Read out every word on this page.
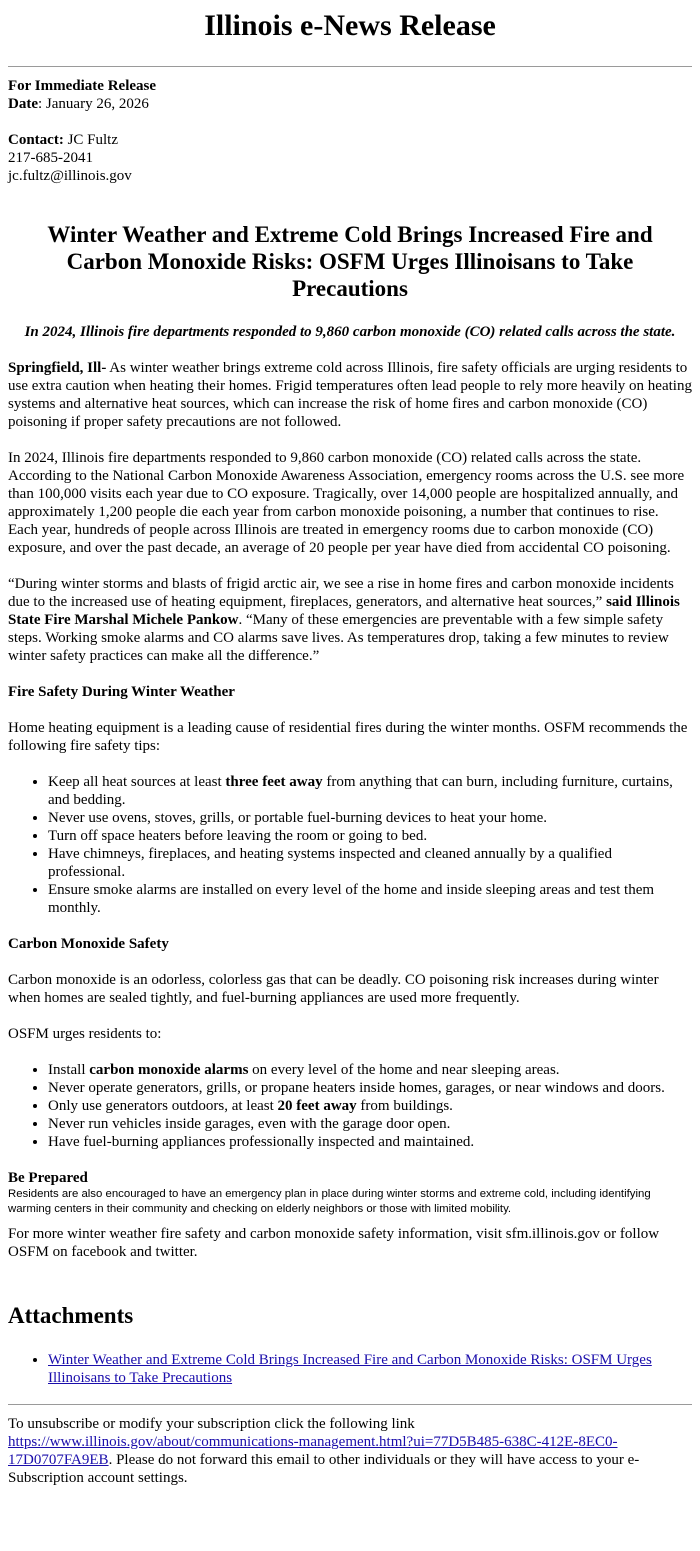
Illinois e-News Release
For Immediate Release
Date: January 26, 2026
Contact: JC Fultz
217-685-2041
jc.fultz@illinois.gov
Winter Weather and Extreme Cold Brings Increased Fire and Carbon Monoxide Risks: OSFM Urges Illinoisans to Take Precautions

In 2024, Illinois fire departments responded to 9,860 carbon monoxide (CO) related calls across the state.

Springfield, Ill- As winter weather brings extreme cold across Illinois, fire safety officials are urging residents to use extra caution when heating their homes. Frigid temperatures often lead people to rely more heavily on heating systems and alternative heat sources, which can increase the risk of home fires and carbon monoxide (CO) poisoning if proper safety precautions are not followed.

In 2024, Illinois fire departments responded to 9,860 carbon monoxide (CO) related calls across the state. According to the National Carbon Monoxide Awareness Association, emergency rooms across the U.S. see more than 100,000 visits each year due to CO exposure. Tragically, over 14,000 people are hospitalized annually, and approximately 1,200 people die each year from carbon monoxide poisoning, a number that continues to rise. Each year, hundreds of people across Illinois are treated in emergency rooms due to carbon monoxide (CO) exposure, and over the past decade, an average of 20 people per year have died from accidental CO poisoning.

“During winter storms and blasts of frigid arctic air, we see a rise in home fires and carbon monoxide incidents due to the increased use of heating equipment, fireplaces, generators, and alternative heat sources,” said Illinois State Fire Marshal Michele Pankow. “Many of these emergencies are preventable with a few simple safety steps. Working smoke alarms and CO alarms save lives. As temperatures drop, taking a few minutes to review winter safety practices can make all the difference.”

Fire Safety During Winter Weather

Home heating equipment is a leading cause of residential fires during the winter months. OSFM recommends the following fire safety tips:

• Keep all heat sources at least three feet away from anything that can burn, including furniture, curtains, and bedding.
• Never use ovens, stoves, grills, or portable fuel-burning devices to heat your home.
• Turn off space heaters before leaving the room or going to bed.
• Have chimneys, fireplaces, and heating systems inspected and cleaned annually by a qualified professional.
• Ensure smoke alarms are installed on every level of the home and inside sleeping areas and test them monthly.

Carbon Monoxide Safety

Carbon monoxide is an odorless, colorless gas that can be deadly. CO poisoning risk increases during winter when homes are sealed tightly, and fuel-burning appliances are used more frequently.

OSFM urges residents to:

• Install carbon monoxide alarms on every level of the home and near sleeping areas.
• Never operate generators, grills, or propane heaters inside homes, garages, or near windows and doors.
• Only use generators outdoors, at least 20 feet away from buildings.
• Never run vehicles inside garages, even with the garage door open.
• Have fuel-burning appliances professionally inspected and maintained.
Be Prepared
Residents are also encouraged to have an emergency plan in place during winter storms and extreme cold, including identifying warming centers in their community and checking on elderly neighbors or those with limited mobility.

For more winter weather fire safety and carbon monoxide safety information, visit sfm.illinois.gov or follow OSFM on facebook and twitter.

Attachments
• Winter Weather and Extreme Cold Brings Increased Fire and Carbon Monoxide Risks: OSFM Urges Illinoisans to Take Precautions
To unsubscribe or modify your subscription click the following link https://www.illinois.gov/about/communications-management.html?ui=77D5B485-638C-412E-8EC0-17D0707FA9EB. Please do not forward this email to other individuals or they will have access to your e-Subscription account settings.
